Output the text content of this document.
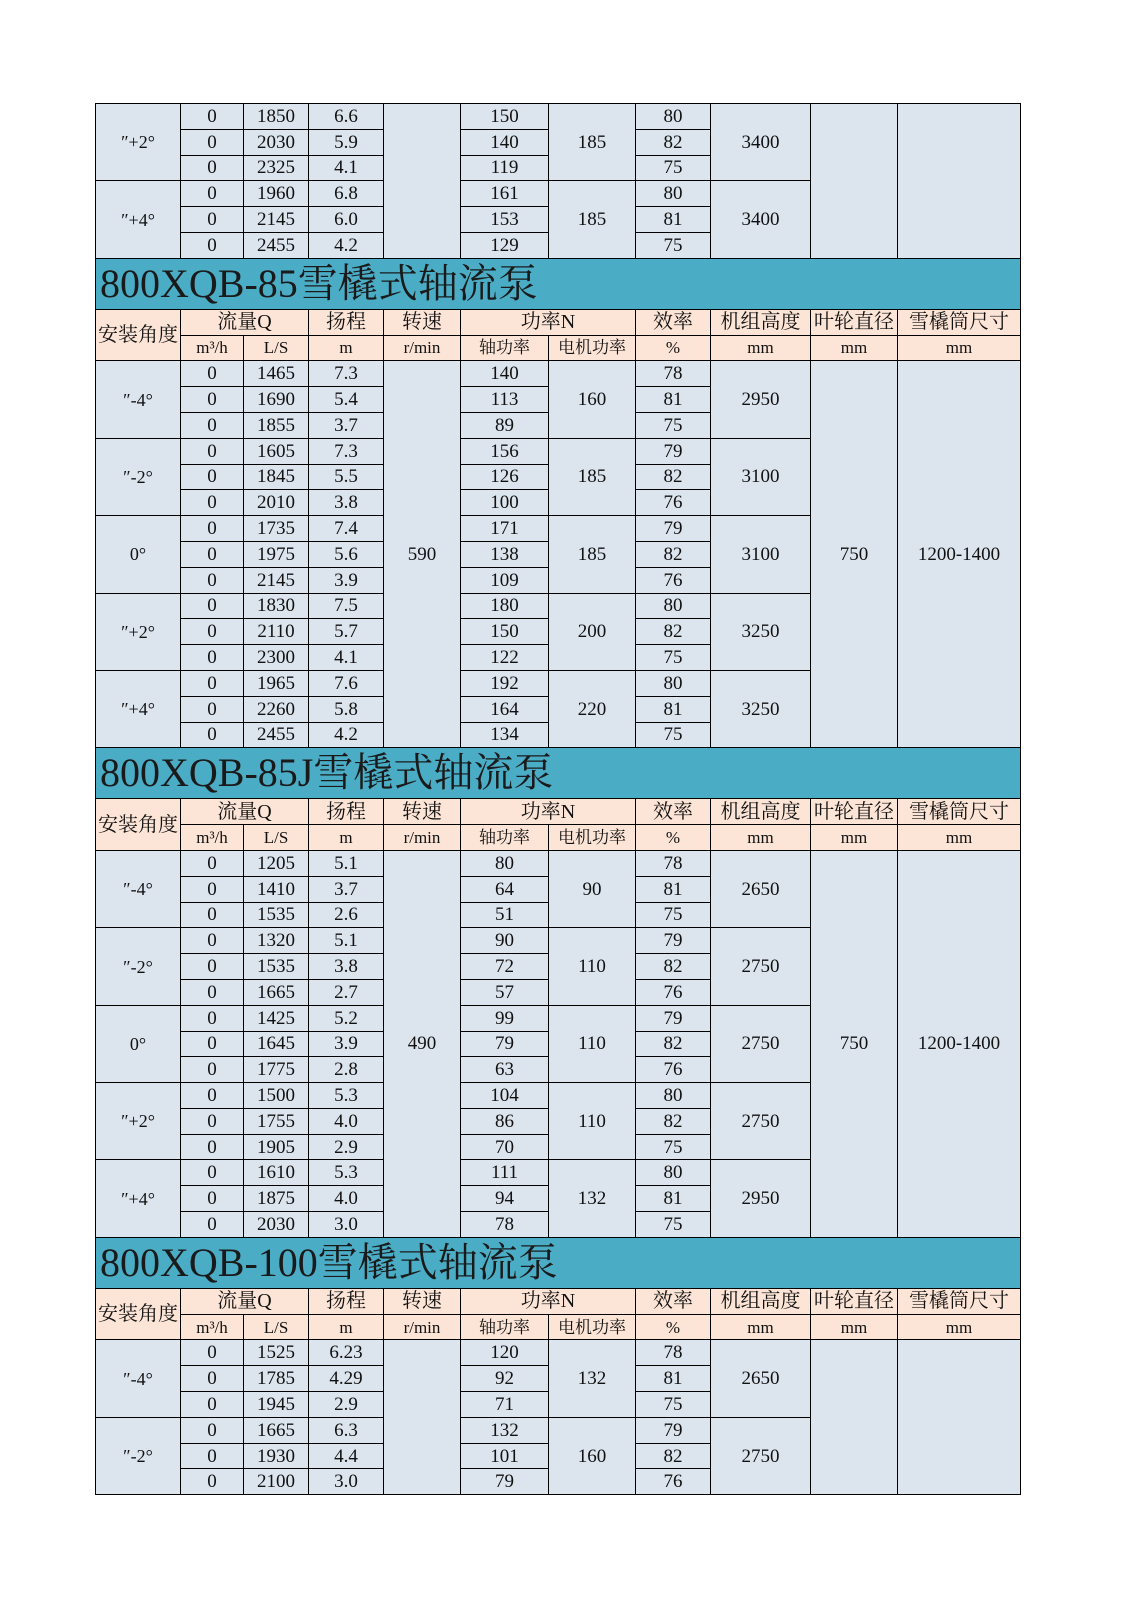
″+2°	0	1850	6.6		150	185	80	3400		
	0	2030	5.9		140		82			
	0	2325	4.1		119		75			
″+4°	0	1960	6.8		161	185	80	3400		
	0	2145	6.0		153		81			
	0	2455	4.2		129		75			
800XQB-85雪橇式轴流泵										
安装角度	流量Q		扬程	转速	功率N		效率	机组高度	叶轮直径	雪橇筒尺寸
	m³/h	L/S	m	r/min	轴功率	电机功率	%	mm	mm	mm
″-4°	0	1465	7.3	590	140	160	78	2950	750	1200-1400
	0	1690	5.4		113		81			
	0	1855	3.7		89		75			
″-2°	0	1605	7.3		156	185	79	3100		
	0	1845	5.5		126		82			
	0	2010	3.8		100		76			
0°	0	1735	7.4		171	185	79	3100		
	0	1975	5.6		138		82			
	0	2145	3.9		109		76			
″+2°	0	1830	7.5		180	200	80	3250		
	0	2110	5.7		150		82			
	0	2300	4.1		122		75			
″+4°	0	1965	7.6		192	220	80	3250		
	0	2260	5.8		164		81			
	0	2455	4.2		134		75			
800XQB-85J雪橇式轴流泵										
安装角度	流量Q		扬程	转速	功率N		效率	机组高度	叶轮直径	雪橇筒尺寸
	m³/h	L/S	m	r/min	轴功率	电机功率	%	mm	mm	mm
″-4°	0	1205	5.1	490	80	90	78	2650	750	1200-1400
	0	1410	3.7		64		81			
	0	1535	2.6		51		75			
″-2°	0	1320	5.1		90	110	79	2750		
	0	1535	3.8		72		82			
	0	1665	2.7		57		76			
0°	0	1425	5.2		99	110	79	2750		
	0	1645	3.9		79		82			
	0	1775	2.8		63		76			
″+2°	0	1500	5.3		104	110	80	2750		
	0	1755	4.0		86		82			
	0	1905	2.9		70		75			
″+4°	0	1610	5.3		111	132	80	2950		
	0	1875	4.0		94		81			
	0	2030	3.0		78		75			
800XQB-100雪橇式轴流泵										
安装角度	流量Q		扬程	转速	功率N		效率	机组高度	叶轮直径	雪橇筒尺寸
	m³/h	L/S	m	r/min	轴功率	电机功率	%	mm	mm	mm
″-4°	0	1525	6.23		120	132	78	2650		
	0	1785	4.29		92		81			
	0	1945	2.9		71		75			
″-2°	0	1665	6.3		132	160	79	2750		
	0	1930	4.4		101		82			
	0	2100	3.0		79		76			
